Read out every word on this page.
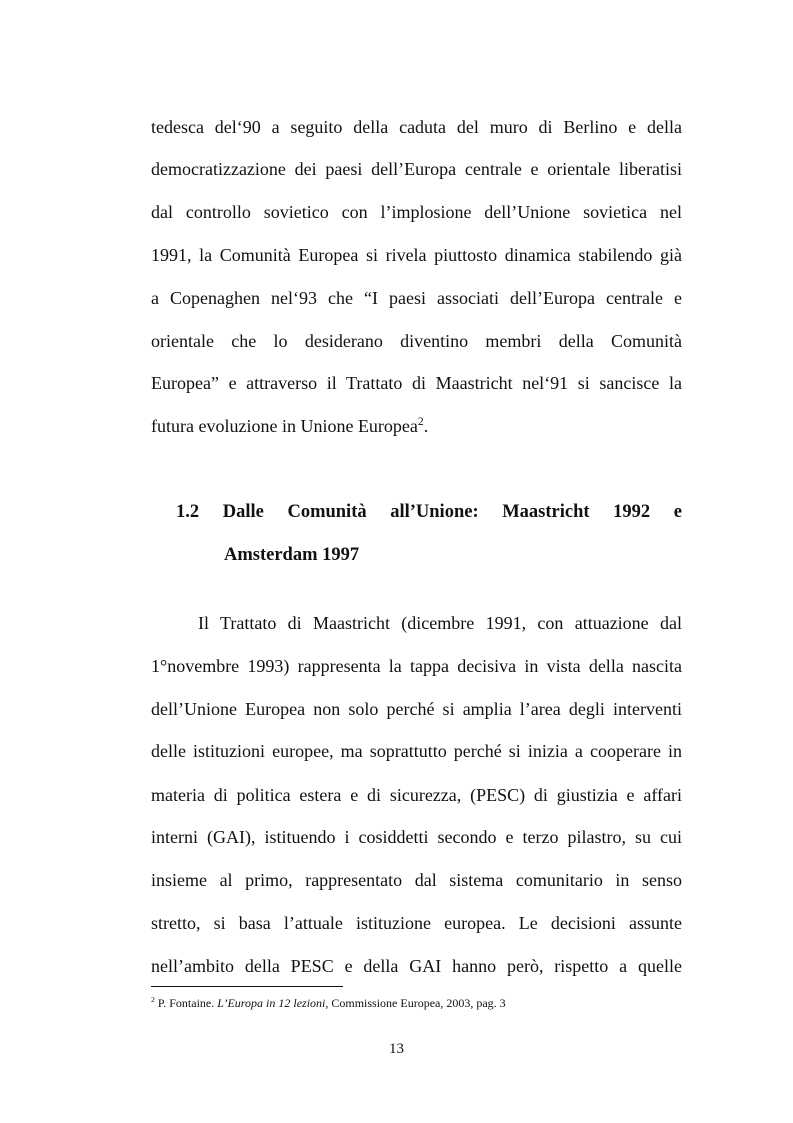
tedesca del‘90 a seguito della caduta del muro di Berlino e della
democratizzazione dei paesi dell’Europa centrale e orientale liberatisi
dal controllo sovietico con l’implosione dell’Unione sovietica nel
1991, la Comunità Europea si rivela piuttosto dinamica stabilendo già
a Copenaghen nel‘93 che “I paesi associati dell’Europa centrale e
orientale che lo desiderano diventino membri della Comunità
Europea” e attraverso il Trattato di Maastricht nel‘91 si sancisce la
futura evoluzione in Unione Europea$^2$.
1.2 Dalle Comunità all’Unione: Maastricht 1992 e
Amsterdam 1997
Il Trattato di Maastricht (dicembre 1991, con attuazione dal
1°novembre 1993) rappresenta la tappa decisiva in vista della nascita
dell’Unione Europea non solo perché si amplia l’area degli interventi
delle istituzioni europee, ma soprattutto perché si inizia a cooperare in
materia di politica estera e di sicurezza, (PESC) di giustizia e affari
interni (GAI), istituendo i cosiddetti secondo e terzo pilastro, su cui
insieme al primo, rappresentato dal sistema comunitario in senso
stretto, si basa l’attuale istituzione europea. Le decisioni assunte
nell’ambito della PESC e della GAI hanno però, rispetto a quelle
$^2$ P. Fontaine. L’Europa in 12 lezioni, Commissione Europea, 2003, pag. 3
13
